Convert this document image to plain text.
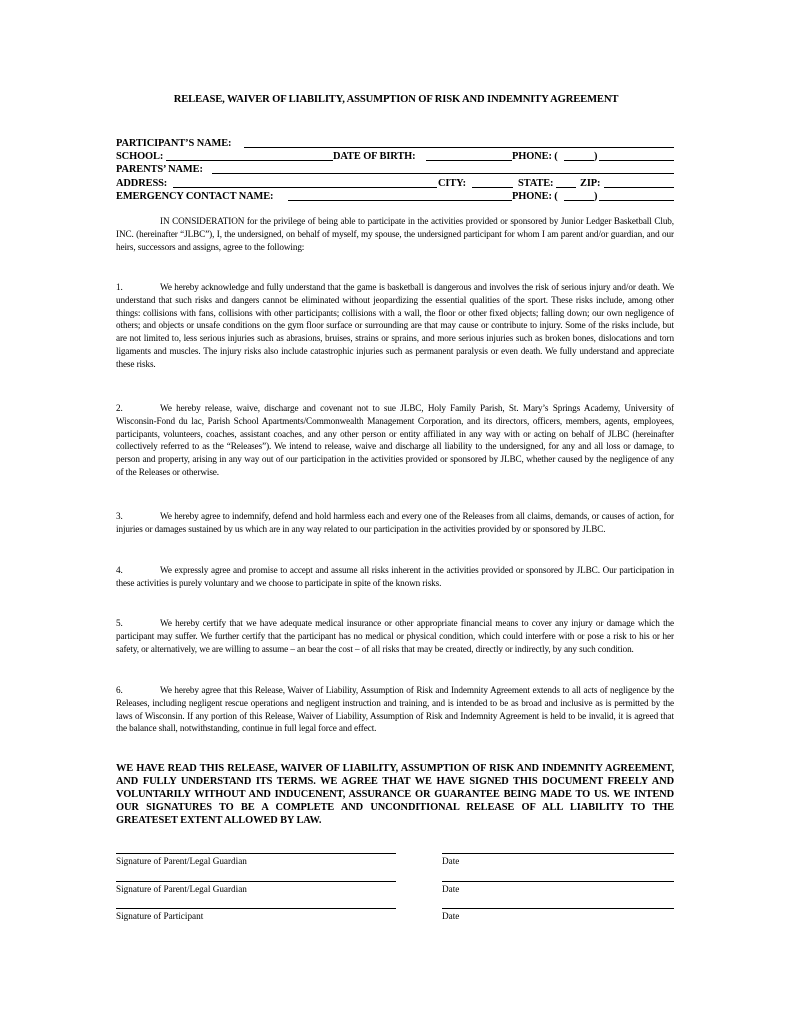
RELEASE, WAIVER OF LIABILITY, ASSUMPTION OF RISK AND INDEMNITY AGREEMENT
PARTICIPANT’S NAME:
SCHOOL:	DATE OF BIRTH:	PHONE: (	)
PARENTS’ NAME:
ADDRESS:	CITY:	STATE:	ZIP:
EMERGENCY CONTACT NAME:	PHONE: (	)

IN CONSIDERATION for the privilege of being able to participate in the activities provided or sponsored by Junior Ledger Basketball Club, INC. (hereinafter “JLBC”), I, the undersigned, on behalf of myself, my spouse, the undersigned participant for whom I am parent and/or guardian, and our heirs, successors and assigns, agree to the following:

1.	We hereby acknowledge and fully understand that the game is basketball is dangerous and involves the risk of serious injury and/or death. We understand that such risks and dangers cannot be eliminated without jeopardizing the essential qualities of the sport. These risks include, among other things: collisions with fans, collisions with other participants; collisions with a wall, the floor or other fixed objects; falling down; our own negligence of others; and objects or unsafe conditions on the gym floor surface or surrounding are that may cause or contribute to injury. Some of the risks include, but are not limited to, less serious injuries such as abrasions, bruises, strains or sprains, and more serious injuries such as broken bones, dislocations and torn ligaments and muscles. The injury risks also include catastrophic injuries such as permanent paralysis or even death. We fully understand and appreciate these risks.
2.	We hereby release, waive, discharge and covenant not to sue JLBC, Holy Family Parish, St. Mary’s Springs Academy, University of Wisconsin-Fond du lac, Parish School Apartments/Commonwealth Management Corporation, and its directors, officers, members, agents, employees, participants, volunteers, coaches, assistant coaches, and any other person or entity affiliated in any way with or acting on behalf of JLBC (hereinafter collectively referred to as the “Releases”). We intend to release, waive and discharge all liability to the undersigned, for any and all loss or damage, to person and property, arising in any way out of our participation in the activities provided or sponsored by JLBC, whether caused by the negligence of any of the Releases or otherwise.
3.	We hereby agree to indemnify, defend and hold harmless each and every one of the Releases from all claims, demands, or causes of action, for injuries or damages sustained by us which are in any way related to our participation in the activities provided by or sponsored by JLBC.
4.	We expressly agree and promise to accept and assume all risks inherent in the activities provided or sponsored by JLBC. Our participation in these activities is purely voluntary and we choose to participate in spite of the known risks.
5.	We hereby certify that we have adequate medical insurance or other appropriate financial means to cover any injury or damage which the participant may suffer. We further certify that the participant has no medical or physical condition, which could interfere with or pose a risk to his or her safety, or alternatively, we are willing to assume – an bear the cost – of all risks that may be created, directly or indirectly, by any such condition.
6.	We hereby agree that this Release, Waiver of Liability, Assumption of Risk and Indemnity Agreement extends to all acts of negligence by the Releases, including negligent rescue operations and negligent instruction and training, and is intended to be as broad and inclusive as is permitted by the laws of Wisconsin. If any portion of this Release, Waiver of Liability, Assumption of Risk and Indemnity Agreement is held to be invalid, it is agreed that the balance shall, notwithstanding, continue in full legal force and effect.
WE HAVE READ THIS RELEASE, WAIVER OF LIABILITY, ASSUMPTION OF RISK AND INDEMNITY AGREEMENT, AND FULLY UNDERSTAND ITS TERMS. WE AGREE THAT WE HAVE SIGNED THIS DOCUMENT FREELY AND VOLUNTARILY WITHOUT AND INDUCENENT, ASSURANCE OR GUARANTEE BEING MADE TO US. WE INTEND OUR SIGNATURES TO BE A COMPLETE AND UNCONDITIONAL RELEASE OF ALL LIABILITY TO THE GREATESET EXTENT ALLOWED BY LAW.
Signature of Parent/Legal Guardian	Date
Signature of Parent/Legal Guardian	Date
Signature of Participant	Date
